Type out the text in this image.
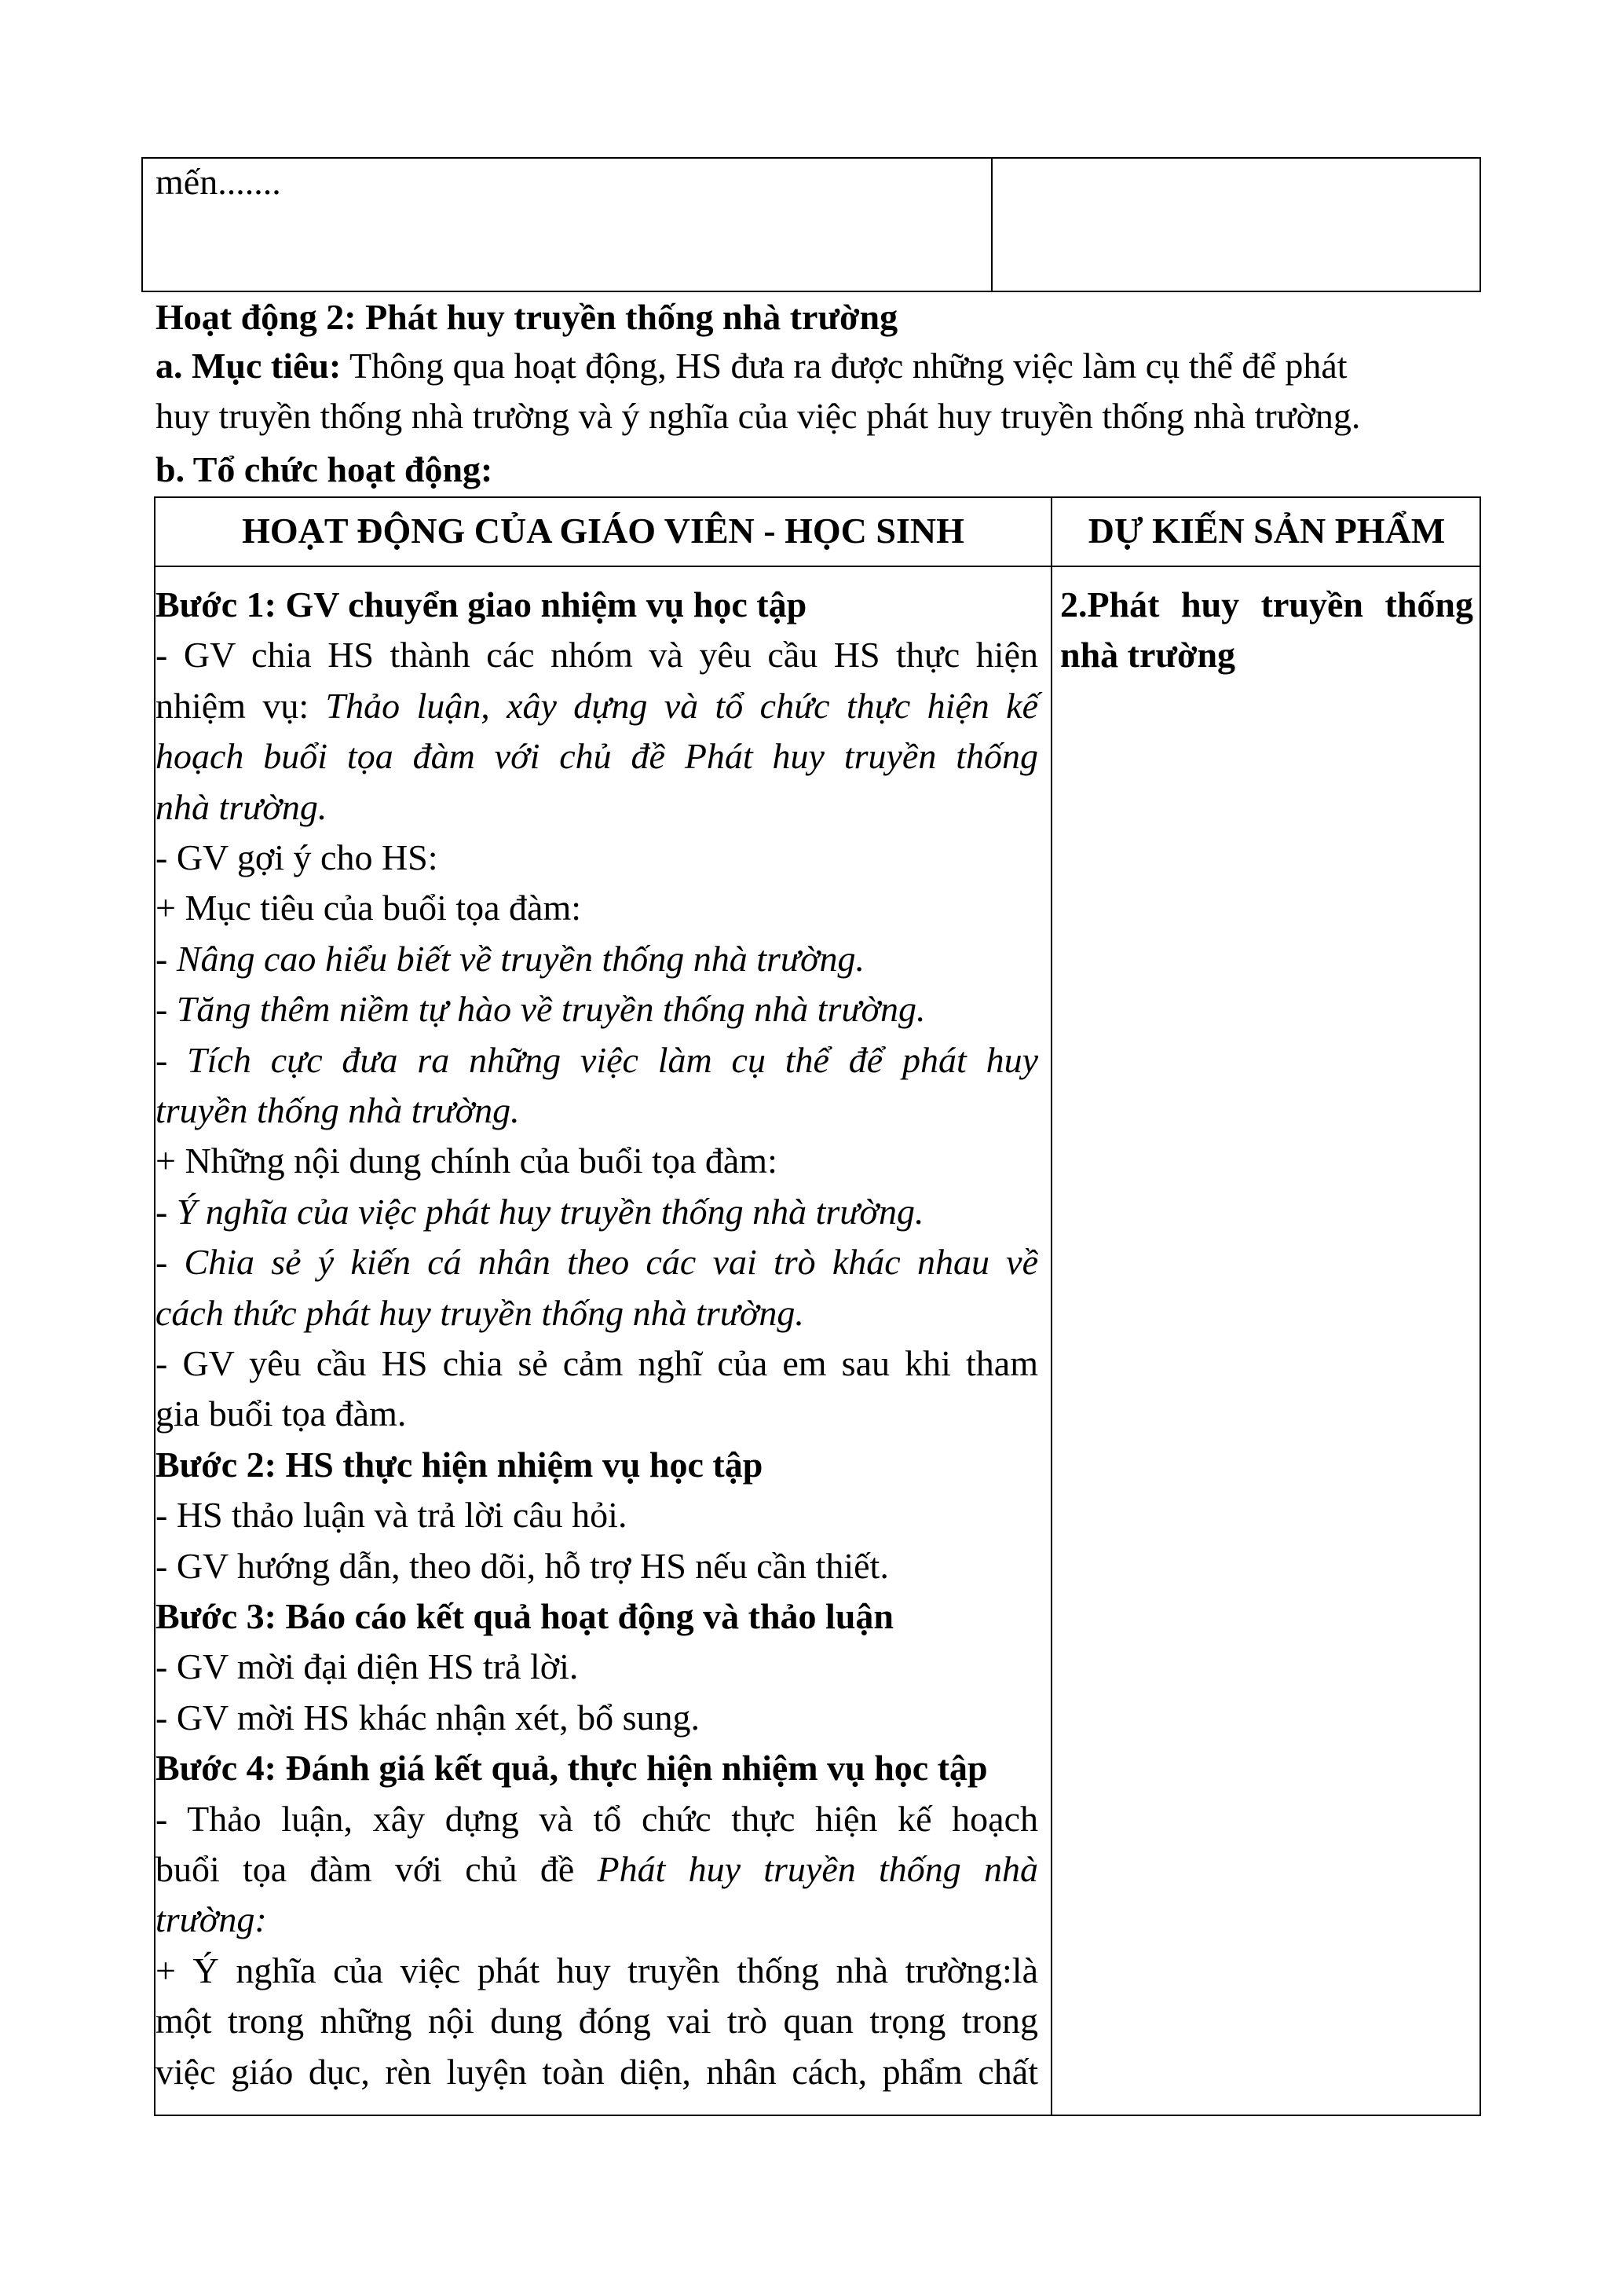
mến.......
Hoạt động 2: Phát huy truyền thống nhà trường
a. Mục tiêu: Thông qua hoạt động, HS đưa ra được những việc làm cụ thể để phát
huy truyền thống nhà trường và ý nghĩa của việc phát huy truyền thống nhà trường.
b. Tổ chức hoạt động:
HOẠT ĐỘNG CỦA GIÁO VIÊN - HỌC SINH	DỰ KIẾN SẢN PHẨM
2.Phát huy truyền thống
nhà trường
Bước 1: GV chuyển giao nhiệm vụ học tập
- GV chia HS thành các nhóm và yêu cầu HS thực hiện
nhiệm vụ: Thảo luận, xây dựng và tổ chức thực hiện kế
hoạch buổi tọa đàm với chủ đề Phát huy truyền thống
nhà trường.
- GV gợi ý cho HS:
+ Mục tiêu của buổi tọa đàm:
- Nâng cao hiểu biết về truyền thống nhà trường.
- Tăng thêm niềm tự hào về truyền thống nhà trường.
- Tích cực đưa ra những việc làm cụ thể để phát huy
truyền thống nhà trường.
+ Những nội dung chính của buổi tọa đàm:
- Ý nghĩa của việc phát huy truyền thống nhà trường.
- Chia sẻ ý kiến cá nhân theo các vai trò khác nhau về
cách thức phát huy truyền thống nhà trường.
- GV yêu cầu HS chia sẻ cảm nghĩ của em sau khi tham
gia buổi tọa đàm.
Bước 2: HS thực hiện nhiệm vụ học tập
- HS thảo luận và trả lời câu hỏi.
- GV hướng dẫn, theo dõi, hỗ trợ HS nếu cần thiết.
Bước 3: Báo cáo kết quả hoạt động và thảo luận
- GV mời đại diện HS trả lời.
- GV mời HS khác nhận xét, bổ sung.
Bước 4: Đánh giá kết quả, thực hiện nhiệm vụ học tập
- Thảo luận, xây dựng và tổ chức thực hiện kế hoạch
buổi tọa đàm với chủ đề Phát huy truyền thống nhà
trường:
+ Ý nghĩa của việc phát huy truyền thống nhà trường:là
một trong những nội dung đóng vai trò quan trọng trong
việc giáo dục, rèn luyện toàn diện, nhân cách, phẩm chất
